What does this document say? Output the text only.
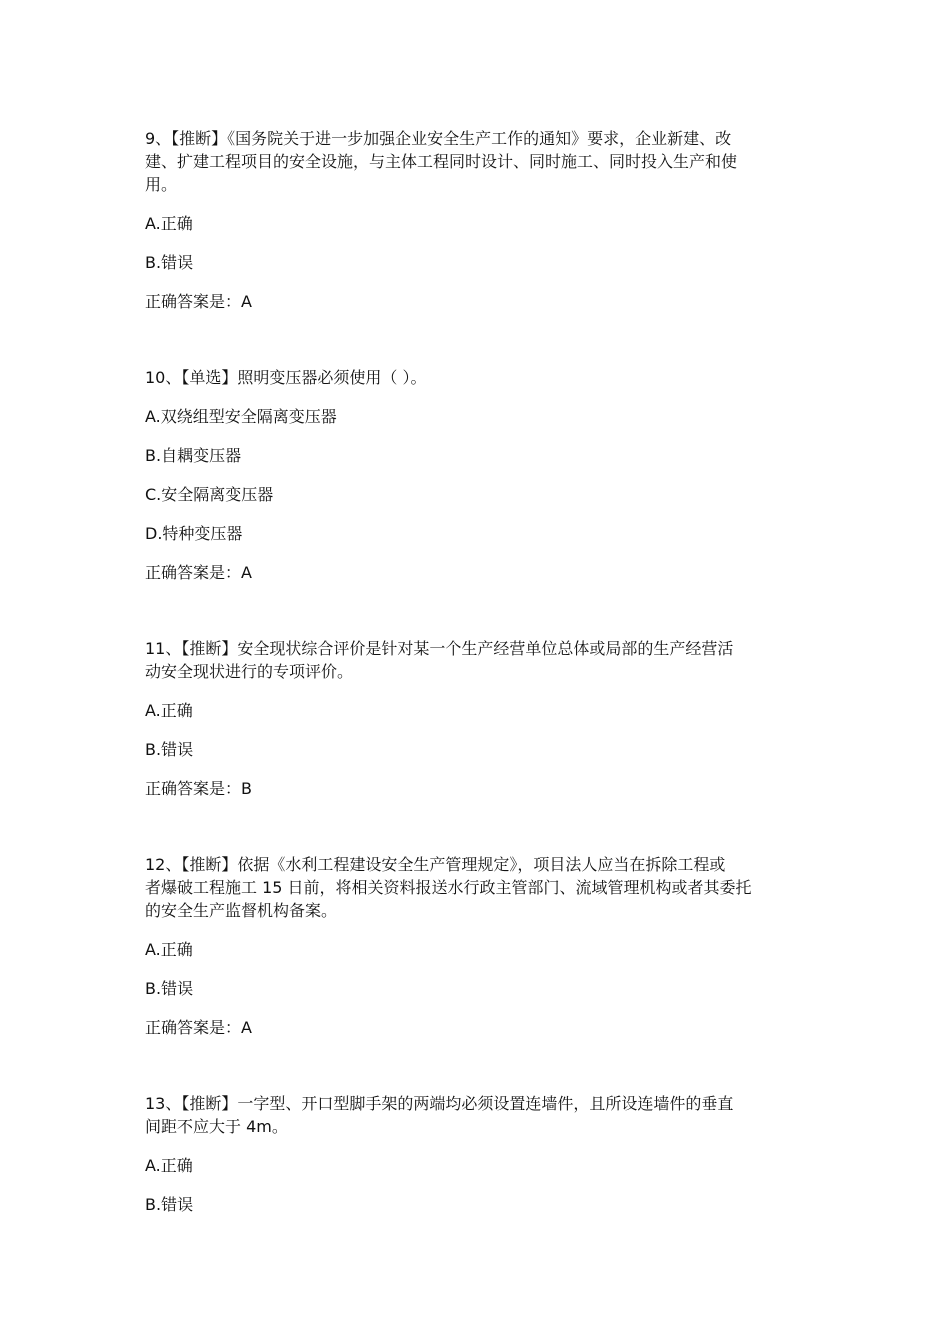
9、【推断】《国务院关于进一步加强企业安全生产工作的通知》要求，企业新建、改
建、扩建工程项目的安全设施，与主体工程同时设计、同时施工、同时投入生产和使
用。
A.正确
B.错误
正确答案是：A
10、【单选】照明变压器必须使用（ ）。
A.双绕组型安全隔离变压器
B.自耦变压器
C.安全隔离变压器
D.特种变压器
正确答案是：A
11、【推断】安全现状综合评价是针对某一个生产经营单位总体或局部的生产经营活
动安全现状进行的专项评价。
A.正确
B.错误
正确答案是：B
12、【推断】依据《水利工程建设安全生产管理规定》，项目法人应当在拆除工程或
者爆破工程施工 15 日前，将相关资料报送水行政主管部门、流域管理机构或者其委托
的安全生产监督机构备案。
A.正确
B.错误
正确答案是：A
13、【推断】一字型、开口型脚手架的两端均必须设置连墙件，且所设连墙件的垂直
间距不应大于 4m。
A.正确
B.错误
